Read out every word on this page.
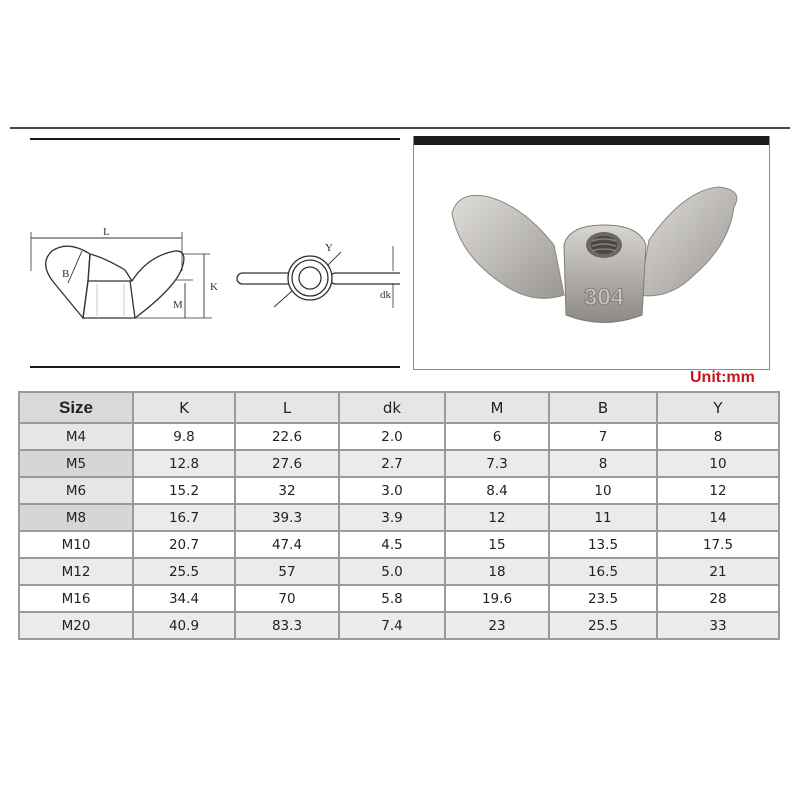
L
B
K
M
Y
dk	304
Unit:mm
Size	K	L	dk	M	B	Y
M4	9.8	22.6	2.0	6	7	8
M5	12.8	27.6	2.7	7.3	8	10
M6	15.2	32	3.0	8.4	10	12
M8	16.7	39.3	3.9	12	11	14
M10	20.7	47.4	4.5	15	13.5	17.5
M12	25.5	57	5.0	18	16.5	21
M16	34.4	70	5.8	19.6	23.5	28
M20	40.9	83.3	7.4	23	25.5	33
